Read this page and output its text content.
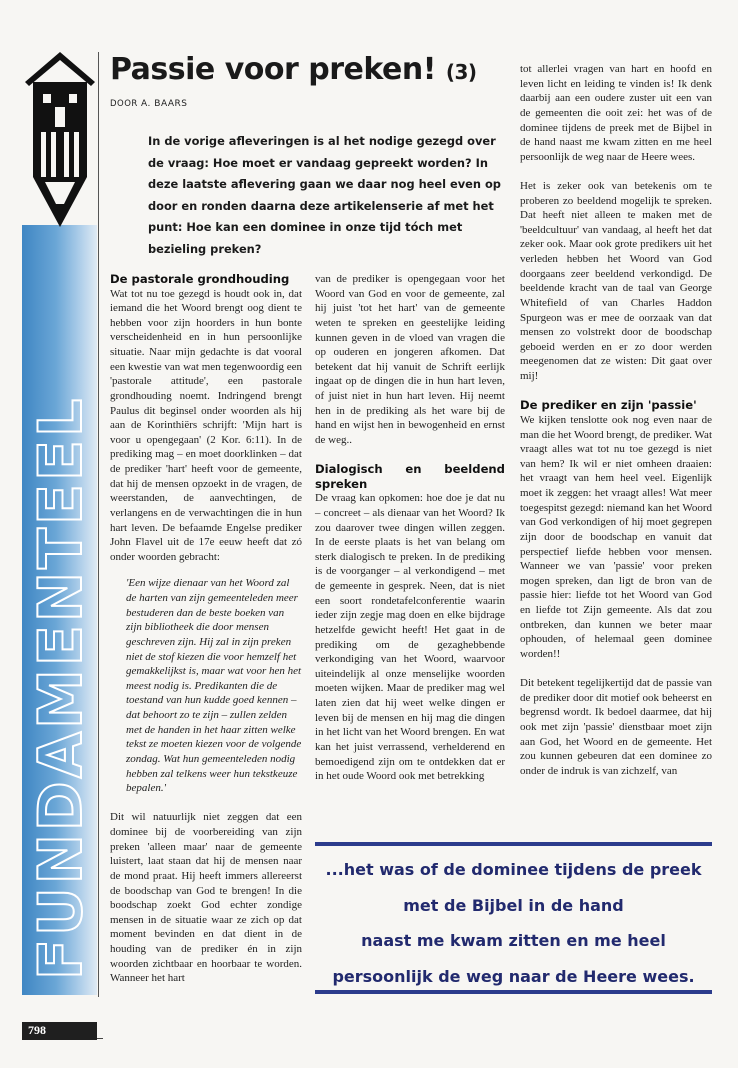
FUNDAMENTEEL
798
Passie voor preken! (3)
DOOR A. BAARS
In de vorige afleveringen is al het nodige gezegd over de vraag: Hoe moet er vandaag gepreekt worden? In deze laatste aflevering gaan we daar nog heel even op door en ronden daarna deze artikelenserie af met het punt: Hoe kan een dominee in onze tijd tóch met bezieling preken?
De pastorale grondhouding

Wat tot nu toe gezegd is houdt ook in, dat iemand die het Woord brengt oog dient te hebben voor zijn hoorders in hun bonte verscheidenheid en in hun persoonlijke situatie. Naar mijn gedachte is dat vooral een kwestie van wat men tegenwoordig een 'pastorale attitude', een pastorale grondhouding noemt. Indringend brengt Paulus dit beginsel onder woorden als hij aan de Korinthiërs schrijft: 'Mijn hart is voor u opengegaan' (2 Kor. 6:11). In de prediking mag – en moet doorklinken – dat de prediker 'hart' heeft voor de gemeente, dat hij de mensen opzoekt in de vragen, de weerstanden, de aanvechtingen, de verlangens en de verwachtingen die in hun hart leven. De befaamde Engelse prediker John Flavel uit de 17e eeuw heeft dat zó onder woorden gebracht:

'Een wijze dienaar van het Woord zal de harten van zijn gemeenteleden meer bestuderen dan de beste boeken van zijn bibliotheek die door mensen geschreven zijn. Hij zal in zijn preken niet de stof kiezen die voor hemzelf het gemakkelijkst is, maar wat voor hen het meest nodig is. Predikanten die de toestand van hun kudde goed kennen – dat behoort zo te zijn – zullen zelden met de handen in het haar zitten welke tekst ze moeten kiezen voor de volgende zondag. Wat hun gemeenteleden nodig hebben zal telkens weer hun tekstkeuze bepalen.'

Dit wil natuurlijk niet zeggen dat een dominee bij de voorbereiding van zijn preken 'alleen maar' naar de gemeente luistert, laat staan dat hij de mensen naar de mond praat. Hij heeft immers allereerst de boodschap van God te brengen! In die boodschap zoekt God echter zondige mensen in de situatie waar ze zich op dat moment bevinden en dat dient in de houding van de prediker én in zijn woorden zichtbaar en hoorbaar te worden. Wanneer het hart

van de prediker is opengegaan voor het Woord van God en voor de gemeente, zal hij juist 'tot het hart' van de gemeente weten te spreken en geestelijke leiding kunnen geven in de vloed van vragen die op ouderen en jongeren afkomen. Dat betekent dat hij vanuit de Schrift eerlijk ingaat op de dingen die in hun hart leven, of juist niet in hun hart leven. Hij neemt hen in de prediking als het ware bij de hand en wijst hen in bewogenheid en ernst de weg..

Dialogisch en beeldend spreken

De vraag kan opkomen: hoe doe je dat nu – concreet – als dienaar van het Woord? Ik zou daarover twee dingen willen zeggen. In de eerste plaats is het van belang om sterk dialogisch te preken. In de prediking is de voorganger – al verkondigend – met de gemeente in gesprek. Neen, dat is niet een soort rondetafelconferentie waarin ieder zijn zegje mag doen en elke bijdrage hetzelfde gewicht heeft! Het gaat in de prediking om de gezaghebbende verkondiging van het Woord, waarvoor uiteindelijk al onze menselijke woorden moeten wijken. Maar de prediker mag wel laten zien dat hij weet welke dingen er leven bij de mensen en hij mag die dingen in het licht van het Woord brengen. En wat kan het juist verrassend, verhelderend en bemoedigend zijn om te ontdekken dat er in het oude Woord ook met betrekking

tot allerlei vragen van hart en hoofd en leven licht en leiding te vinden is! Ik denk daarbij aan een oudere zuster uit een van de gemeenten die ooit zei: het was of de dominee tijdens de preek met de Bijbel in de hand naast me kwam zitten en me heel persoonlijk de weg naar de Heere wees.

Het is zeker ook van betekenis om te proberen zo beeldend mogelijk te spreken. Dat heeft niet alleen te maken met de 'beeldcultuur' van vandaag, al heeft het dat zeker ook. Maar ook grote predikers uit het verleden hebben het Woord van God doorgaans zeer beeldend verkondigd. De beeldende kracht van de taal van George Whitefield of van Charles Haddon Spurgeon was er mee de oorzaak van dat mensen zo volstrekt door de boodschap geboeid werden en er zo door werden meegenomen dat ze wisten: Dit gaat over mij!

De prediker en zijn 'passie'

We kijken tenslotte ook nog even naar de man die het Woord brengt, de prediker. Wat vraagt alles wat tot nu toe gezegd is niet van hem? Ik wil er niet omheen draaien: het vraagt van hem heel veel. Eigenlijk moet ik zeggen: het vraagt alles! Wat meer toegespitst gezegd: niemand kan het Woord van God verkondigen of hij moet gegrepen zijn door de boodschap en vanuit dat perspectief liefde hebben voor mensen. Wanneer we van 'passie' voor preken mogen spreken, dan ligt de bron van de passie hier: liefde tot het Woord van God en liefde tot Zijn gemeente. Als dat zou ontbreken, dan kunnen we beter maar ophouden, of helemaal geen dominee worden!!

Dit betekent tegelijkertijd dat de passie van de prediker door dit motief ook beheerst en begrensd wordt. Ik bedoel daarmee, dat hij ook met zijn 'passie' dienstbaar moet zijn aan God, het Woord en de gemeente. Het zou kunnen gebeuren dat een dominee zo onder de indruk is van zichzelf, van

...het was of de dominee tijdens de preek
met de Bijbel in de hand
naast me kwam zitten en me heel
persoonlijk de weg naar de Heere wees.
